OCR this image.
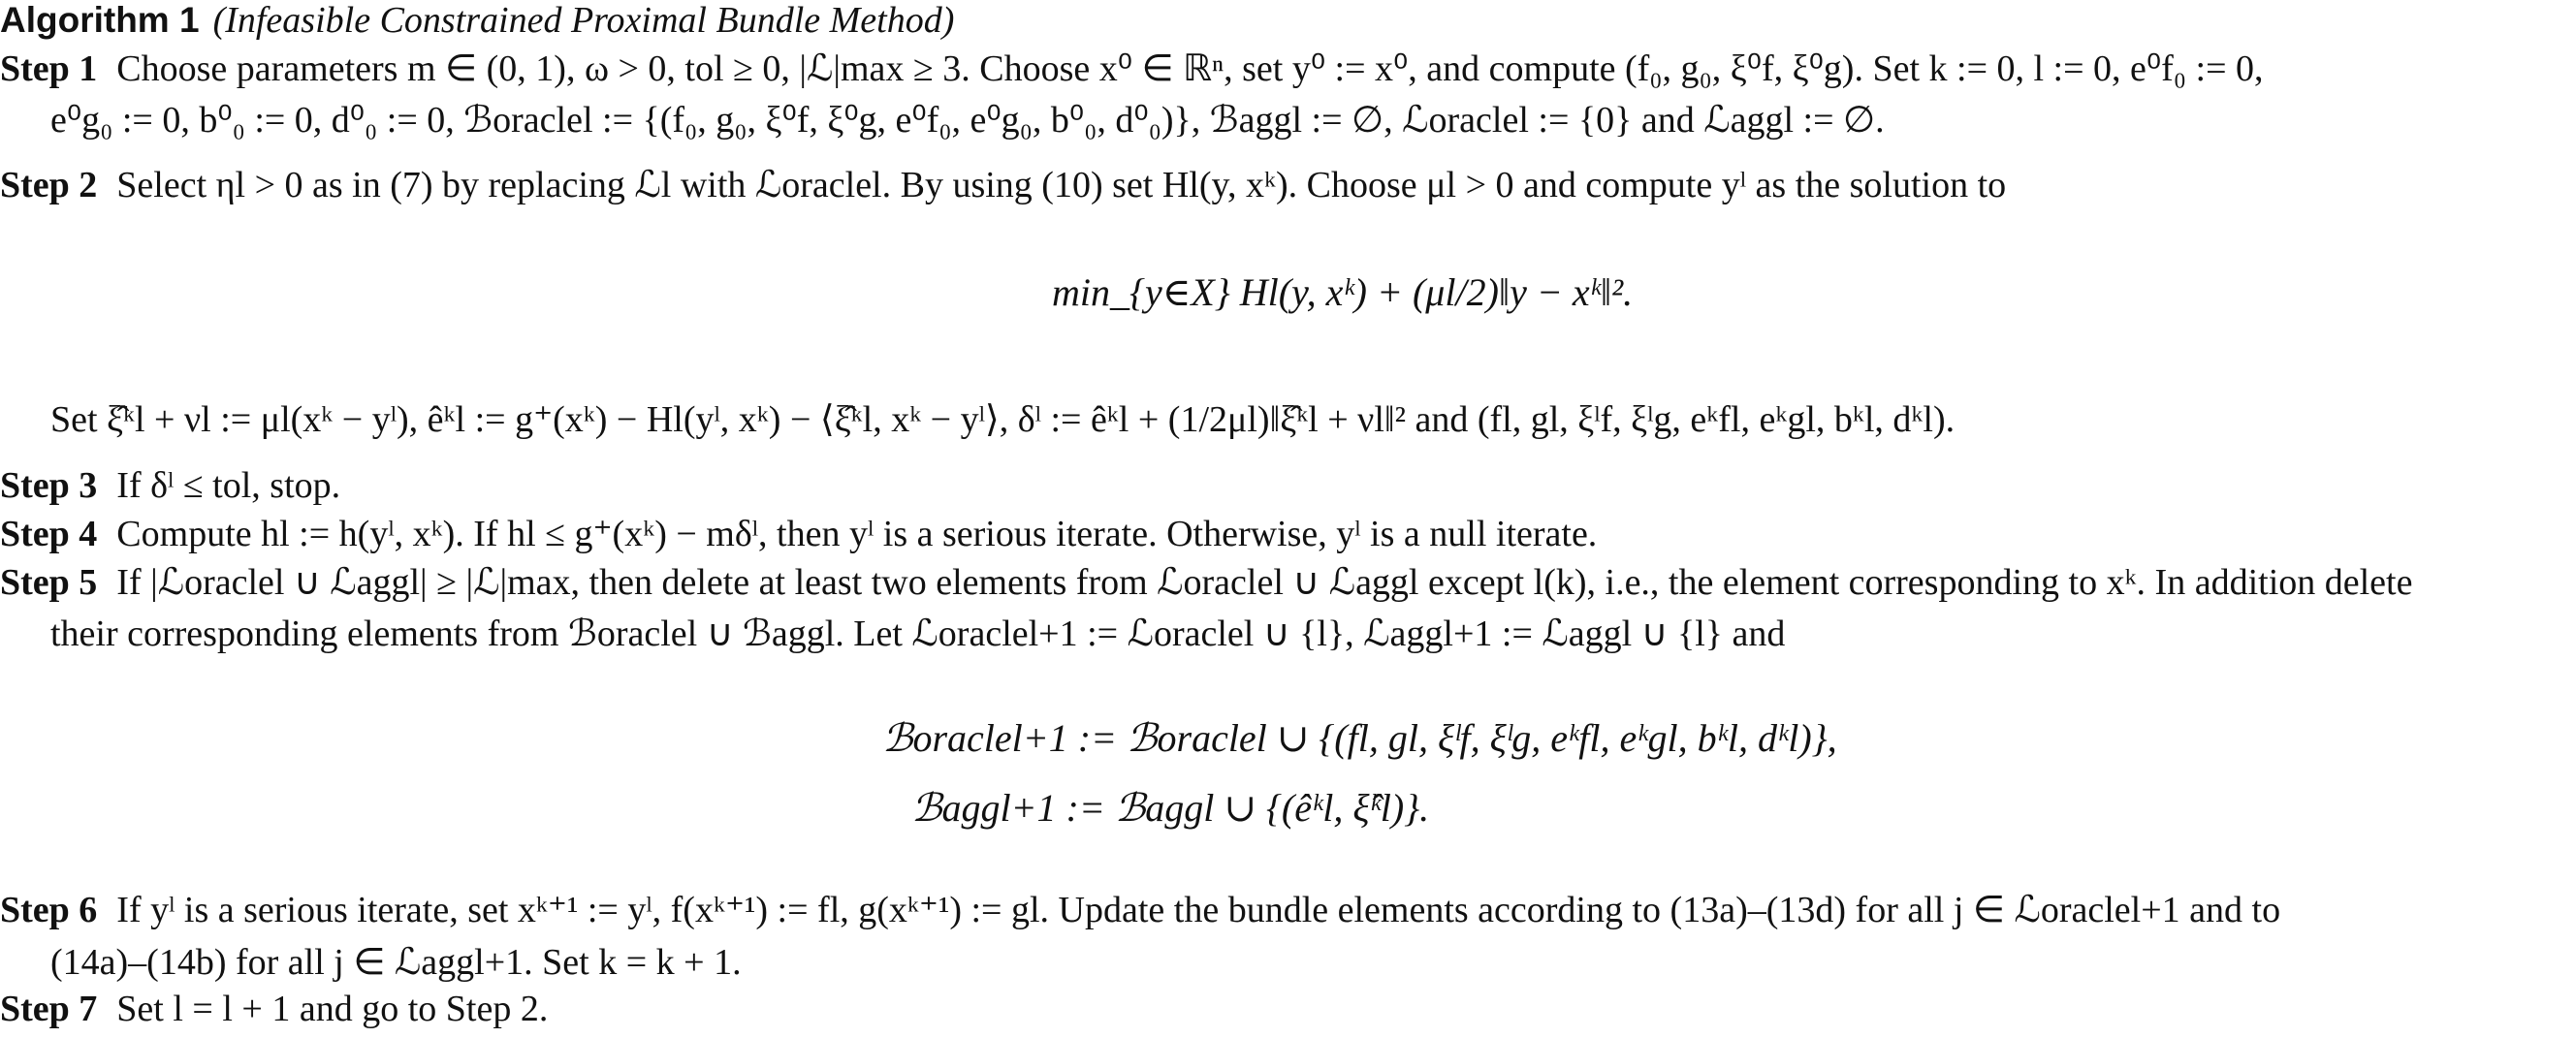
Algorithm 1 (Infeasible Constrained Proximal Bundle Method)
Step 1 Choose parameters m ∈ (0, 1), ω > 0, tol ≥ 0, |ℒ|max ≥ 3. Choose x⁰ ∈ ℝⁿ, set y⁰ := x⁰, and compute (f₀, g₀, ξ⁰f, ξ⁰g). Set k := 0, l := 0, e⁰f₀ := 0,
e⁰g₀ := 0, b⁰₀ := 0, d⁰₀ := 0, ℬoraclel := {(f₀, g₀, ξ⁰f, ξ⁰g, e⁰f₀, e⁰g₀, b⁰₀, d⁰₀)}, ℬaggl := ∅, ℒoraclel := {0} and ℒaggl := ∅.
Step 2 Select ηl > 0 as in (7) by replacing ℒl with ℒoraclel. By using (10) set Hl(y, xᵏ). Choose μl > 0 and compute yˡ as the solution to
min_{y∈X} Hl(y, xᵏ) + (μl/2)‖y − xᵏ‖².
Set ξ̂ᵏl + νl := μl(xᵏ − yˡ), êᵏl := g⁺(xᵏ) − Hl(yˡ, xᵏ) − ⟨ξ̂ᵏl, xᵏ − yˡ⟩, δˡ := êᵏl + (1/2μl)‖ξ̂ᵏl + νl‖² and (fl, gl, ξˡf, ξˡg, eᵏfl, eᵏgl, bᵏl, dᵏl).
Step 3 If δˡ ≤ tol, stop.
Step 4 Compute hl := h(yˡ, xᵏ). If hl ≤ g⁺(xᵏ) − mδˡ, then yˡ is a serious iterate. Otherwise, yˡ is a null iterate.
Step 5 If |ℒoraclel ∪ ℒaggl| ≥ |ℒ|max, then delete at least two elements from ℒoraclel ∪ ℒaggl except l(k), i.e., the element corresponding to xᵏ. In addition delete
their corresponding elements from ℬoraclel ∪ ℬaggl. Let ℒoraclel+1 := ℒoraclel ∪ {l}, ℒaggl+1 := ℒaggl ∪ {l} and
ℬoraclel+1 := ℬoraclel ∪ {(fl, gl, ξˡf, ξˡg, eᵏfl, eᵏgl, bᵏl, dᵏl)},
ℬaggl+1 := ℬaggl ∪ {(êᵏl, ξ̂ᵏl)}.
Step 6 If yˡ is a serious iterate, set xᵏ⁺¹ := yˡ, f(xᵏ⁺¹) := fl, g(xᵏ⁺¹) := gl. Update the bundle elements according to (13a)–(13d) for all j ∈ ℒoraclel+1 and to
(14a)–(14b) for all j ∈ ℒaggl+1. Set k = k + 1.
Step 7 Set l = l + 1 and go to Step 2.
